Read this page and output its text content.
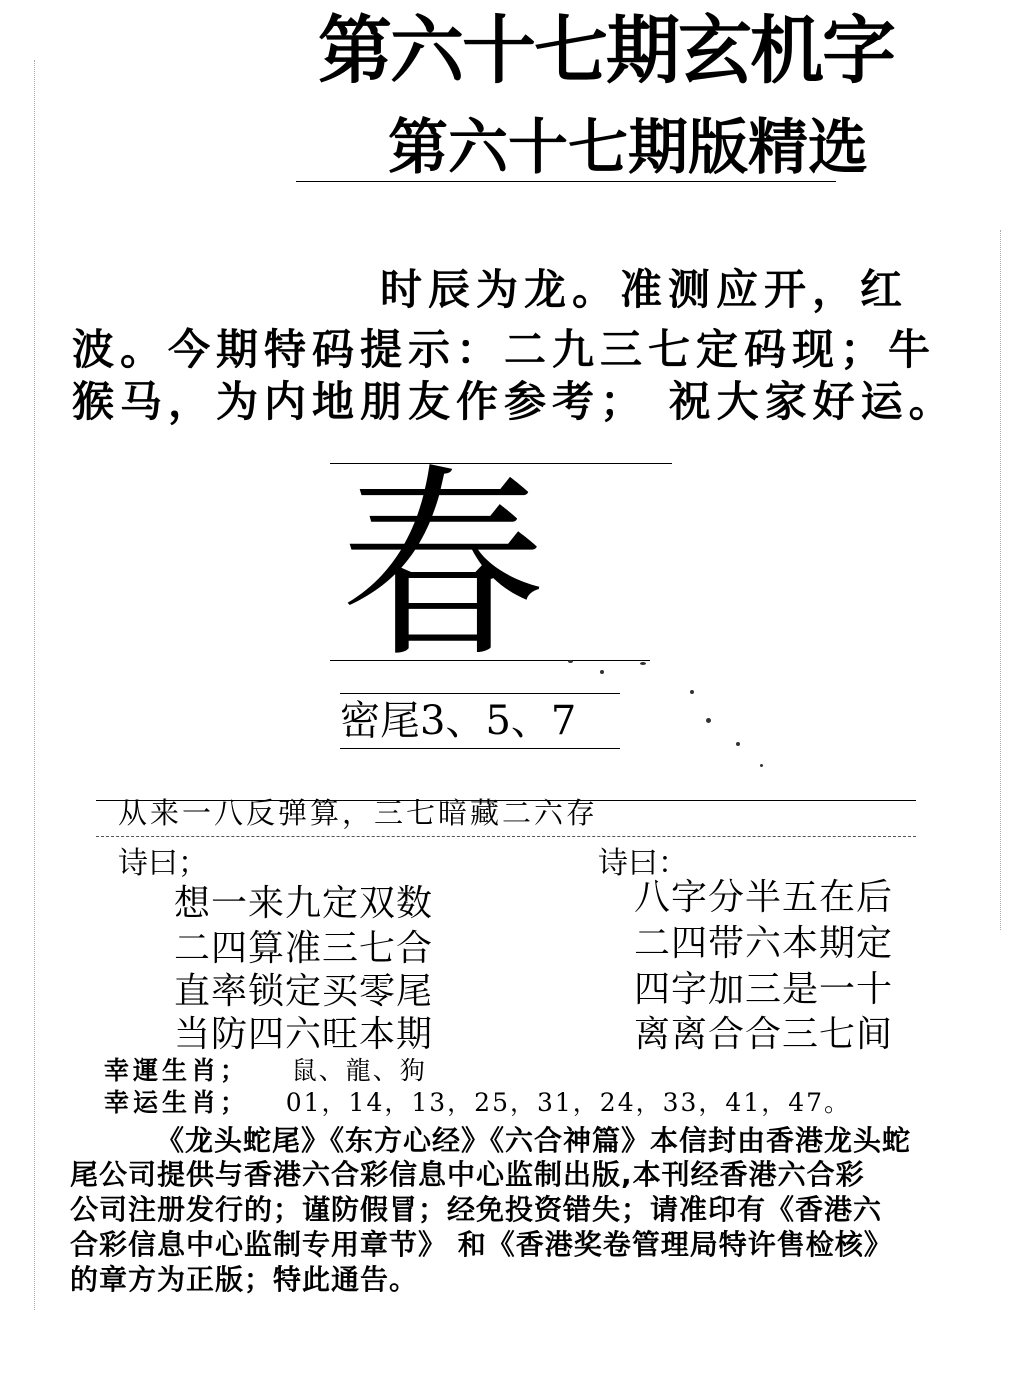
第六十七期玄机字
第六十七期版精选
时辰为龙。准测应开，红
波。今期特码提示：二九三七定码现；牛
猴马，为内地朋友作参考； 祝大家好运。
春
密尾3、5、7
从来一八反弹算，三七暗藏二六存
诗曰；
想一来九定双数
二四算准三七合
直率锁定买零尾
当防四六旺本期
诗曰：
八字分半五在后
二四带六本期定
四字加三是一十
离离合合三七间
幸運生肖； 鼠、龍、狗
幸运生肖； 01，14，13，25，31，24，33，41，47。
《龙头蛇尾》《东方心经》《六合神篇》本信封由香港龙头蛇
尾公司提供与香港六合彩信息中心监制出版,本刊经香港六合彩
公司注册发行的；谨防假冒；经免投资错失；请准印有《香港六
合彩信息中心监制专用章节》 和《香港奖卷管理局特许售检核》
的章方为正版；特此通告。
